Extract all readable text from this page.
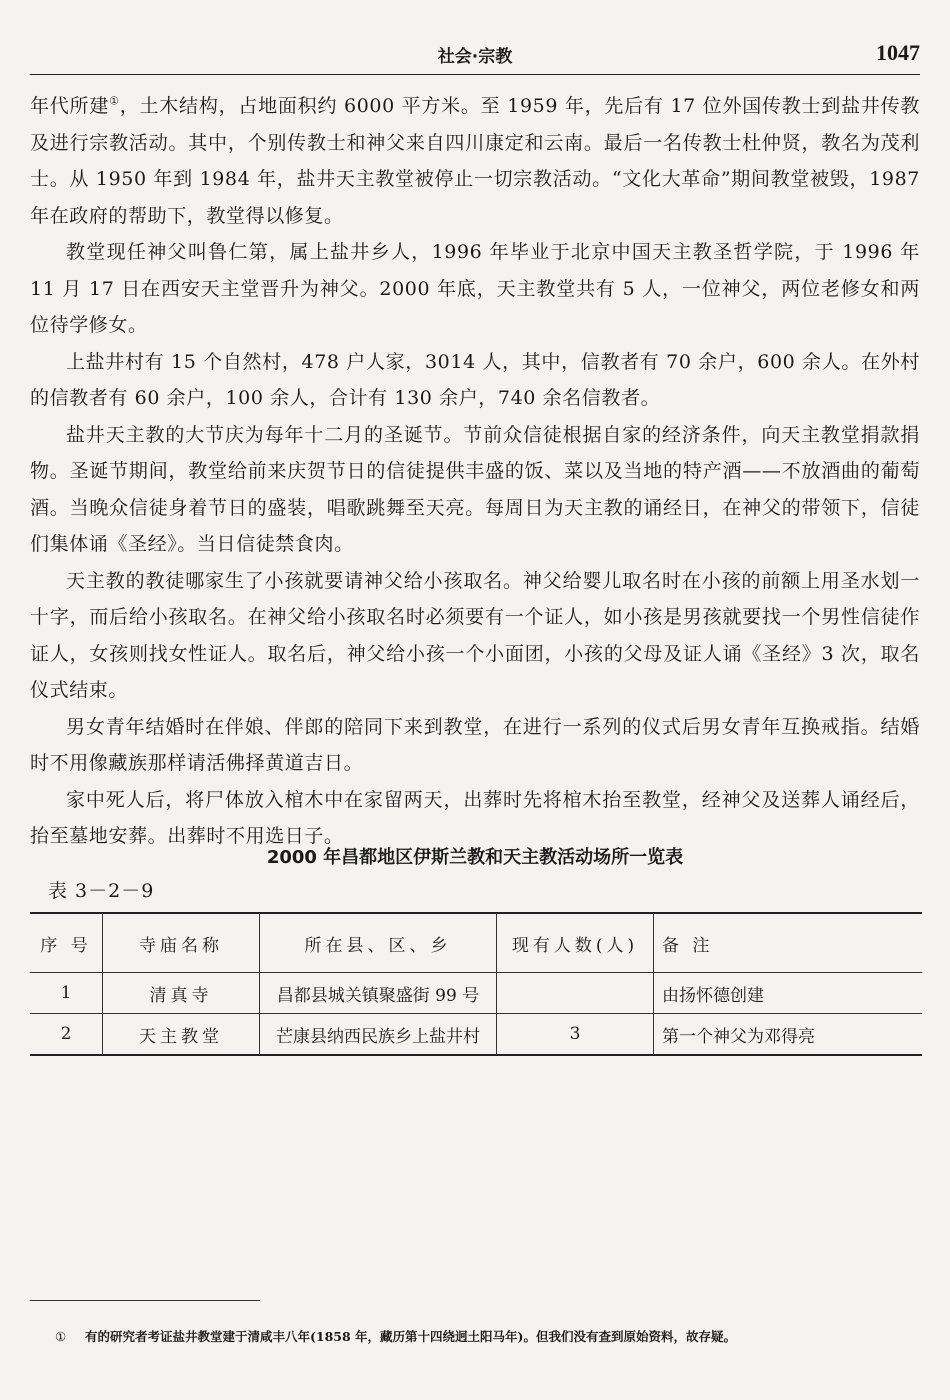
社会·宗教	1047

年代所建①，土木结构，占地面积约 6000 平方米。至 1959 年，先后有 17 位外国传教士到盐井传教及进行宗教活动。其中，个别传教士和神父来自四川康定和云南。最后一名传教士杜仲贤，教名为茂利士。从 1950 年到 1984 年，盐井天主教堂被停止一切宗教活动。“文化大革命”期间教堂被毁，1987 年在政府的帮助下，教堂得以修复。

教堂现任神父叫鲁仁第，属上盐井乡人，1996 年毕业于北京中国天主教圣哲学院，于 1996 年 11 月 17 日在西安天主堂晋升为神父。2000 年底，天主教堂共有 5 人，一位神父，两位老修女和两位待学修女。

上盐井村有 15 个自然村，478 户人家，3014 人，其中，信教者有 70 余户，600 余人。在外村的信教者有 60 余户，100 余人，合计有 130 余户，740 余名信教者。

盐井天主教的大节庆为每年十二月的圣诞节。节前众信徒根据自家的经济条件，向天主教堂捐款捐物。圣诞节期间，教堂给前来庆贺节日的信徒提供丰盛的饭、菜以及当地的特产酒——不放酒曲的葡萄酒。当晚众信徒身着节日的盛装，唱歌跳舞至天亮。每周日为天主教的诵经日，在神父的带领下，信徒们集体诵《圣经》。当日信徒禁食肉。

天主教的教徒哪家生了小孩就要请神父给小孩取名。神父给婴儿取名时在小孩的前额上用圣水划一十字，而后给小孩取名。在神父给小孩取名时必须要有一个证人，如小孩是男孩就要找一个男性信徒作证人，女孩则找女性证人。取名后，神父给小孩一个小面团，小孩的父母及证人诵《圣经》3 次，取名仪式结束。

男女青年结婚时在伴娘、伴郎的陪同下来到教堂，在进行一系列的仪式后男女青年互换戒指。结婚时不用像藏族那样请活佛择黄道吉日。

家中死人后，将尸体放入棺木中在家留两天，出葬时先将棺木抬至教堂，经神父及送葬人诵经后，抬至墓地安葬。出葬时不用选日子。

2000 年昌都地区伊斯兰教和天主教活动场所一览表
表 3－2－9
序 号	寺庙名称	所在县、区、乡	现有人数(人)	备 注
1	清真寺	昌都县城关镇聚盛街 99 号		由扬怀德创建
2	天主教堂	芒康县纳西民族乡上盐井村	3	第一个神父为邓得亮
① 有的研究者考证盐井教堂建于清咸丰八年(1858 年，藏历第十四绕迥土阳马年)。但我们没有查到原始资料，故存疑。
